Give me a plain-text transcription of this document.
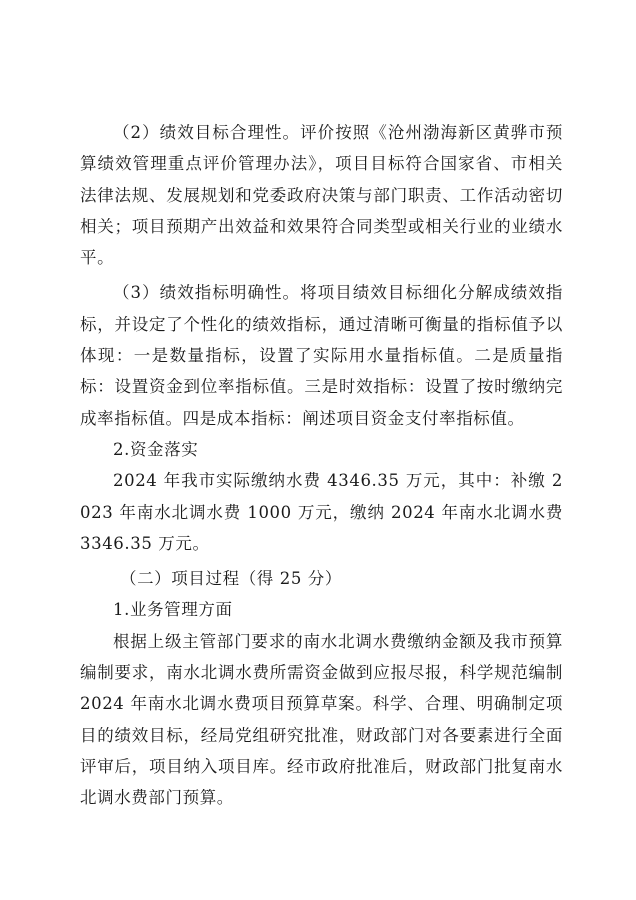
（2）绩效目标合理性。评价按照《沧州渤海新区黄骅市预算绩效管理重点评价管理办法》，项目目标符合国家省、市相关法律法规、发展规划和党委政府决策与部门职责、工作活动密切相关；项目预期产出效益和效果符合同类型或相关行业的业绩水平。

（3）绩效指标明确性。将项目绩效目标细化分解成绩效指标，并设定了个性化的绩效指标，通过清晰可衡量的指标值予以体现：一是数量指标，设置了实际用水量指标值。二是质量指标：设置资金到位率指标值。三是时效指标：设置了按时缴纳完成率指标值。四是成本指标：阐述项目资金支付率指标值。

2.资金落实

2024 年我市实际缴纳水费 4346.35 万元，其中：补缴 2023 年南水北调水费 1000 万元，缴纳 2024 年南水北调水费 3346.35 万元。

（二）项目过程（得 25 分）

1.业务管理方面

根据上级主管部门要求的南水北调水费缴纳金额及我市预算编制要求，南水北调水费所需资金做到应报尽报，科学规范编制 2024 年南水北调水费项目预算草案。科学、合理、明确制定项目的绩效目标，经局党组研究批准，财政部门对各要素进行全面评审后，项目纳入项目库。经市政府批准后，财政部门批复南水北调水费部门预算。
